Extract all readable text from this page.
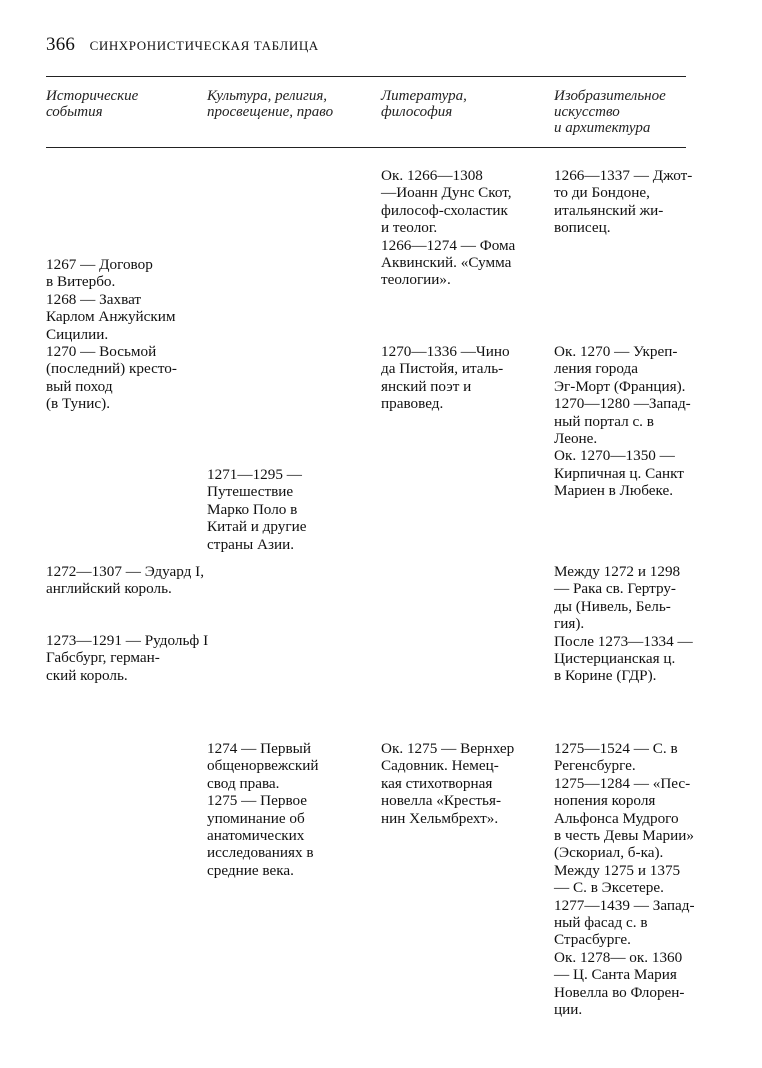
366 СИНХРОНИСТИЧЕСКАЯ ТАБЛИЦА
Исторические
события
Культура, религия,
просвещение, право
Литература,
философия
Изобразительное
искусство
и архитектура
Ок. 1266—1308
—Иоанн Дунс Скот,
философ-схоластик
и теолог.
1266—1274 — Фома
Аквинский. «Сумма
теологии».
1266—1337 — Джот-
то ди Бондоне,
итальянский жи-
вописец.
1267 — Договор
в Витербо.
1268 — Захват
Карлом Анжуйским
Сицилии.
1270 — Восьмой
(последний) кресто-
вый поход
(в Тунис).
1270—1336 —Чино
да Пистойя, италь-
янский поэт и
правовед.
Ок. 1270 — Укреп-
ления города
Эг-Морт (Франция).
1270—1280 —Запад-
ный портал с. в
Леоне.
Ок. 1270—1350 —
Кирпичная ц. Санкт
Мариен в Любеке.
1271—1295 —
Путешествие
Марко Поло в
Китай и другие
страны Азии.
1272—1307 — Эдуард I,
английский король.
Между 1272 и 1298
— Рака св. Гертру-
ды (Нивель, Бель-
гия).
После 1273—1334 —
Цистерцианская ц.
в Корине (ГДР).
1273—1291 — Рудольф I
Габсбург, герман-
ский король.
1274 — Первый
общенорвежский
свод права.
1275 — Первое
упоминание об
анатомических
исследованиях в
средние века.
Ок. 1275 — Вернхер
Садовник. Немец-
кая стихотворная
новелла «Крестья-
нин Хельмбрехт».
1275—1524 — С. в
Регенсбурге.
1275—1284 — «Пес-
нопения короля
Альфонса Мудрого
в честь Девы Марии»
(Эскориал, б-ка).
Между 1275 и 1375
— С. в Эксетере.
1277—1439 — Запад-
ный фасад с. в
Страсбурге.
Ок. 1278— ок. 1360
— Ц. Санта Мария
Новелла во Флорен-
ции.
